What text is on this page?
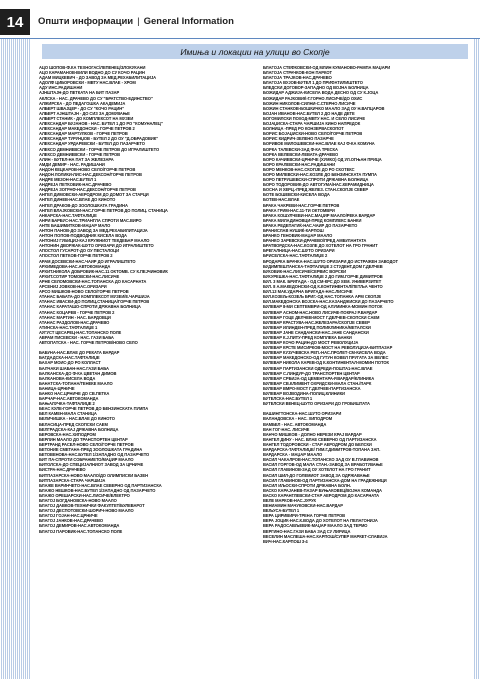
14	Општи информации | General Information
Имиња и локации на улици во Скопје
АЦО ШОПОВ-Ф.КА ТЕХНОГАС/ЛЕПЕНЕЦ/ЗЛОКУКАНИ
АЦО КАРАМАНОВ-ВИЛИ ВОДНО ДО СУ КОЧО РАЦИН
АДАМ МИЦКЕВИЧ - ДО ЗАВОД ЗА МЕД.РЕХАБИЛИТАЦИЈА
АДОЛФ ЦИБОРОВСКИ - МВТУ НАС.ВЛАЕ - ХРОМ
АДУ ИНС.РАДИШАНИ
АЈНШТАЈН-ДО ПЕТКАТА НА БИТ ПАЗАР
АКЛСКА - НАС. ДРАЧЕВО ДО СУ "БРАТСТВО-ЕДИНСТВО"
АЛЖИРСКА - ДО ПЕДАГОШКА АКАДЕМИЈА
АЛБЕРТ ШВАЈЦЕР - ДО СУ "КОЧО РАЦИН"
АЛБЕРТ АЈНШТАЈН - ДО СИЗ ЗА ДОМУВАЊЕ
АЛБЕРТ СТАНИК - ДО КОМПЛЕКСОТ НА МУЗЕИ
АЛЕКСАНДАР БУЈАНОВ - НАС. БУТЕЛ 1 ДО РО "КОМУНАЛЕЦ"
АЛЕКСАНДАР МАКЕДОНСКИ - ГОРЧЕ ПЕТРОВ 2
АЛЕКСАНДАР МАРТУЛКОВ - ГОРЧЕ ПЕТРОВ
АЛЕКСАНДАР ТУРУНЏОВ - БУТЕЛ 2 ДО ОУ "Д.ОБРАДОВИК"
АЛЕКСАНДАР УРДАРЕВСКИ - БУТЕЛ ДО ПАЗАРЧЕТО
АЛЕКСО ДЕМНИЕВСКИ - ГОРЧЕ ПЕТРОВ ДО ИГРАЛИШТЕТО
АЛЕКСО ДЕМНИЕВСКИ - ГОРЧЕ ПЕТРОВ
АЛИН - БУТЕЛ-НА ПАТ ЗА ЖЕЛЕЗАРА
АМДИ ДЕМИР - НАС. РАДИШАНИ
АНДОН КЕЦКАРОВ-НОВО СЕЛО/ГОРЧЕ ПЕТРОВ
АНДОН ЛОЛИКИ-ЛИС-НАС.ДЕКСОН/ГОРЧЕ ПЕТРОВ
АНДРЕ МЕЗОН-НАС.БУТЕЛ 1
АНДРЕЈА ПЕТКОВИК-НАС.ДРАЧЕВО
АНДРЕЈА ЗОГРАФ-НАС.ДЕКСОН/ГОРЧЕ ПЕТРОВ
АНГЕЛ ДИМОВСКИ-АЕРОДРОМ ДО ДОМОТ ЗА СТАРЦИ
АНГЕЛ ДИНЕВ-НАС.ВЛАЕ ДО КИНОТО
АНГЕЛ ДРАКОВ-ДО ЗООЛОШКАТА ГРАДИНА
АНГЕЛ ВЛАЈКОВСКИ-НАС.ГОРЧЕ ПЕТРОВ ДО ПОЛИЦ. СТАНИЦА
АНКАРСКА-НАС.ТАФТАЛИЏЕ
АНРИ БАРБУС-НАС.ТРИАНГЛА СПРОТИ МАС.ВИРО
АНТЕ БАШИМИТКОВ-МАЏАР МАЛО
АНТОН ПАНОВ-ДО ЗАВОД ЗА МЕД.РЕХАБИЛИТАЦИЈА
АНТОН ПОПОВ-ПОДВОДНИК КИСЕЛА ВОДА
АНТОНИЈ ГУБИЦИЈ-КАЈ КРУЖНИОТ ТЕКДЕБАР МААЛО
АНТОНИН ДВОРЖАК-ШУТО ОРИЗАРИ ДО ИГРАЛИШТЕТО
АПОСТОЛ ГУСАРОТ-ДО ОУ ПЕСТАЛОЦИ
АПОСТОЛ ПЕТКОВ-ГОРЧЕ ПЕТРОВ 2
АРАМ ДОСЕВСКИ-НАС.ЧАИР ДО ИГРАЛИШТЕТО
АРХИМЕДОВА-НАС.АВТОКОМАНДА
АРХИТ.НИКОЛА ДОБРОВИК-НАС.11 ОКТОМВ. СУ К.ПЕЈЧИНОВИК
АРХИТ.СОТИР ТОМОВСКИ-НАС.ЛИСИЧЕ
АРНЕ СЕЛОМОВСКИ-НАС.ТОПАНСКА ДО КАСАРНАТА
АРСЕНИЈ ЈОВКОВ-НАС.ОРИЗАРИ
АРСО МИШКОВ-НОВО СЕЛО/ГОРЧЕ ПЕТРОВ
АТАНАС БАБАТА-ДО КОМПЛЕКСОТ МУЗЕИ/Е.ЧАРШИЈА
АТАНАС ИВАСКИ-ДО ПОЛИЦ.СТАНИЦА/ГОРЧЕ ПЕТРОВ
АТАНАС КАРАТАШО-СПРОТИ ДРЖАВНА БОЛНИЦА
АТАНАС КОЦАРЕВ - ГОРЧЕ ПЕТРОВ 2
АТАНАС МАРТИН - НАС. БАРДОВЦИ
АТАНАС РАЗДОЛОВ-НАС.ДРАЧЕВО
АТИНСКА-НАС.ТАФТАЛИЏЕ 1
АУГУСТ ЦЕСАРЕЦ-НАС.ТОПАНСКО ПОЛЕ
АВРАМ ПИСЕВСКИ - НАС. ГАЗИ БАБА
АВТОПАТСКА - НАС. ГОРЧЕ ПЕТРОВ/НОВО СЕЛО
БАБУНА-НАС.ВЛАЕ ДО РЕКАТА ВАРДАР
БАГДАДСКА-НАС.ТАФТАЛИЏЕ
БАХАР МОИС-ДО РО КОЛЛАСТ
БАЛЧАКИ ШАБАН-НАС.ГАЗИ БАБА
БАЛКАНСКА-ДО Ф-КА ЦВЕТАН ДИМОВ
БАЛКАНОВА-КИСЕЛА ВОДА
БАНАТСКА-ТОПАНА/ТЕНЕКЕ МААЛО
БАНИЦА-ЦРНИЧЕ
БАНКО НАС.ЦРНИЧЕ ДО СВ.ПЕТКА
БАРЧАР-НАС.АВТОКОМАНДА
БАЊАЛУЧКА-ТАФТАЛИЏЕ 2
БЕАС КУЛЕ-ГОРЧЕ ПЕТРОВ ДО БЕНЗИНСКАТА ПУМПА
БЕЛ КАМЕН-МАЛА СТАНИЦА
БЕЛИЧИШКА - НАС.ВЛАЕ ДО КИНОТО
БЕЛАСИЦА-ПРЕД СКОПСКИ САЕМ
БЕЛГРАДСКА-КАЈ ДРЖАВНА БОЛНИЦА
БЕРОВСКА-НАС.ХИПОДРОМ
БЕРЛИН МААЛО ДО ТРАНСПОРТЕН ЦЕНТАР
БЕРТРАНД РАСЕЛ-НОВО СЕЛО/ГОРЧЕ ПЕТРОВ
БЕТОНИЕ СМЕТАНА-ПРЕД ЗООЛОШКАТА ГРАДИНА
БЕТОВЕНОВА-НАС.БУТЕЛ 1/ЗАПАДНО ОД ПАЗАРЧЕТО
БИТ ПА-СПРОТИ СОБРАНИЕТО/МАЏИР МААЛО
БИТОЛСКА-ДО СПЕЦИЈАЛНИОТ ЗАВОД ЗА ЦРНИЧЕ
БИСТРА-НАС.ДРАЧЕВО
БИТПАЗАРСКА-НОВО МААЛО/ДО ОЛИМПИСКИ БАЗЕН
БИТПАЗАРСКА-СТАРА ЧАРШИЈА
БЛАЖЕ ВАРИНЧЕТО-НАС.ВЛАЕ СЕВЕРНО ОД ПАРТИЗАНСКА
БЛАЖО НЕШКОВ-НАС.БУТЕЛ 1/ЗАПАДНО ОД ПАЗАРЧЕТО
БЛАЖО ОРЕШАРСКИ-НАС.ЛИСИЧЕ/ЕЛЕКТРО
БЛАГОЈ БОГДАНОВСКА-НОВО МААЛО
БЛАГОЈ ДАВКОВ-ТЕХНИЧКИ ФАКУЛТЕТ/БУЛЕВАРОТ
БЛАГОЈ ДЕСПОТОВСКИ-ШОРИЧ-НОВО МААЛО
БЛАГОЈ ГОЈАН-НАС.ЦРНИЧЕ
БЛАГОЈ ЈАНКОВ-НАС.ДРАЧЕВО
БЛАГОЈ ДЕМИРОВ-НАС.АВТОКОМАНДА
БЛАГОЈ ПАРОВИК-НАС.ТОПАНСКО ПОЛЕ
БЛАГОЈА СТЕФКОВСКИ-ОД МЛИН КУМАНОВО-РАМПА МАЏАРИ
БЛАГОЈА СТРАЧКОВ-КОН ПАРКОТ
БЛАГОЈА ТРАЈКОВ-НАС.ДРАЧЕВО
БЛАГОЈА ВУЈОВ-БУТЕЛ 1 ДО ПРИФАТИЛИШТЕТО
БЛЕДСКИ ДОГОВОР-ЗАПАДНО ОД ВОЈНА БОЛНИЦА
БОЖИДАР АДЖИЈА-КИСЕЛА ВОДА ДЕСНО ОД СУ К.ЈОЦА
БОЖИДАР РАЈКОВИЌ-Г.ГОРНО ЛИСИЧЕ/ДО ОХИС
БОЖИН НИКОЛОВ-СИЛНИ-С.СТЕРНО ЛИСИЧЕ
БОЖИН СТАНКОВ-БОШКИЧКО МААЛО ЗАД ОУ Н.ВАПЦАРОВ
БОЈАН ИВАНОВ-НАС.БУТЕЛ 2 ДО НАДЕ ДЕТЕ
БОГОМИЛСКИ ПОХОД-МВТУ НАС. И СЕЛО ЛИСИЧЕ
БОЈАЏИСКА-СТАРА ЧАРШИЈА КИНО НАПРЕДОК
БОЛНИЦА -ПРЕД РО КОНЗЕРВАСКОПОТ
БОРИС БОЈАЏИСКИ-НОВО СЕЛО/ГОРЧЕ ПЕТРОВ
БОРИС КИДРИЧ-ЗЕЛЕНО ПАЗАРЧЕ
БОРИВОЕ МИЛОШЕВСКИ-НАС.ВЛАЕ КАЈ Ф-КА КОМУНА
БОРКА ТАЛЕВСКИ-ЗАД Ф-КА ТРЕСКА
БОРКА ВЕЛЕВСКИ-ЛЕВАТА-ДРАЧЕВО
БОРО КАЧИЕВСКИ-ЦРНИЧЕ (ХУМКО) ОД УЛ.ОГЊАН ПРИЦА
БОРО КРАЛЕВСКИ-НАС.РАДИШАНИ
БОРО МЕНКОВ-НАС.СКОПЈЕ ДО РО СКОТЕКС
БОРО МИЛЕВСКИ-НАС.КОЗЛЕ ДО БЕНЗИНСКАТА ПУМПА
БОРО ПЕТРУШЕВСКИ-СПРОТИ ДРЖАВНА БОЛНИЦА
БОРО ТОДОРОВИК-ДО АВТОГУМА/НАС.КЕРАМИДНИЦА
БОСНА И ХЕРЦ.-ПРЕД ЖЕЛЕЗ. СТАН.СКОПЈЕ СЕВЕР
БОТЕ БОШЕВСКИ-КИСЕЛА ВОДА
БОТЕВ-НАС.ВЛАЕ
БРАКА ЧАКРЕВИ-НАС.ГОРЧЕ ПЕТРОВ
БРАКА ГРИМ-НАС.11-ТИ ОКТОМВРИ
БРАКА КОШУЛЧЕВИ-НАС.МАЏИР МААЛО/РЕКА ВАРДАР
БРАКА МИЛАДИНОВЦИ-ПРЕД КОМПЛЕКС БАНКИ
БРАКА РЕДЕПАГИЌ-НАС.ЧАИР ДО ПАЗАРЧЕТО
БРАНИСЛАВ НУШИЌ-КАРПОШ
БРАНКО ГЕНОВИК-МАЏАР МААЛО
БРАНКО ЗАРЕВСКИ-ДРАЧЕВО/ПРЕД АМБУЛАНТАТА
БРАТВОРДСКА-НАС.КОЗЛЕ ДО ХОТЕЛОТ НА ГРО ГРАНИТ
БРЕГАЛНИЦА-НАС.ШУТО ОРИЗАРИ
БРИСЕЛСКА-НАС.ТАФТАЛИЏЕ 2
БРОДАРКА БРАЧКА-НАС.ШУТО ОРИЗАРИ ДО ИСТРАЖЕН ЗАВОДОТ
БУДИМПЕШТАНСКА-ТАФТАЛИЏЕ 2 СТУДЕНТ.ДОМ Г.ДЕЛЧЕВ
БУКОВИК-НАС.ЛИСИЧЕ/СЕРВИС ВОРСКИ
БУКУРЕШКА-НАС.ТАФТАЛИЏЕ 2 ДО ГИМ.ГОРЧЕ ДИМИТРОВ
БУЛ. 3 МАК. БРИГАДА - ОД СМ-КРС ДО ХЕМ. УНИВЕРЗИТЕТ
БУЛ. 8 А.МАКЕДОНСКИ-ОД К.КОНТИНЕНТАЛ/ПЕТЉА ЧЕНТО
БУЛ.13 МАК.УДАРНА БРИГАДА-НАС.ЛИСИЧЕ
БУЛ.КОЗЕЉ-КОЗЕЉ БРИГ.-ОД НАС.ТОПАНКА АРМ СКОПЈЕ
БУЛ.МАКЕДОНСКА ВОЈСКА-НАС.КАЗАНДЖИСКИ ДО ПАЗАРЧЕТО
БУЛЕВАР 8-МИ СЕПТЕМВРИ-ОД АЛУМИНКА-МОМИН ПОТОК
БУЛЕВАР АСНОМ-НАС.НОВО ЛИСИЧЕ-ПОКРАЈ Р.ВАРДАР
БУЛЕВАР ГОЦЕ ДЕЛЧЕВ-МОСТ Г.ДЕЛЧЕВ-СКОПСКИ САЕМ
БУЛЕВАР КРАСТУВА-НАС.ЖЕЛЕЗАРА/СКОПЈЕ СЕВЕР
БУЛЕВАР ИЛИНДЕН-ПРЕД ПОЛИКЛИНИКА/МЕТАЛСКИ
БУЛЕВАР ЈАНЕ САНДАНСКИ-НАС.ЈАНЕ САНДАНСКИ
БУЛЕВАР К.Ј.ПИТУ-ПРЕД КОМПЛЕКА БАНКИ
БУЛЕВАР КОЧО РАЦИН-ДО МОСТ РЕВОЛУЦИЈА
БУЛЕВАР КРСТЕ МИСИРКОВ-МОСТ НА РЕВОЛУЦИЈА-БИТПАЗАР
БУЛЕВАР КУЗУЧЕВСКА РЕП.-НАС.ПРОЛЕТ-СМ-КИСЕЛА ВОДА
БУЛЕВАР МАКЕДОНСКО-ОД ГУТУН КОВЕЛ ПРУГАТА ЗА ВЕЛЕС
БУЛЕВАР НИКОЛА КАРЕВ-ОД К.КОНТИНЕНТАЛ-МОМИН ПОТОК
БУЛЕВАР ПАРТИЗАНСКИ ОДРЕДИ-ПОШТА1-НАС.ВЛАЕ
БУЛЕВАР С.ЛИНДУР-ДО ТРАНСПОРТЕН ЦЕНТАР
БУЛЕВАР СРБИЈА-ОД ЦЕМЕНТАРА-Р.ВАРДАР/КЛИНИКА
БУЛЕВАР СВ.КЛИМЕНТ ОХРИДСКИ-МАЛА СТАН./ПАРК
БУЛЕВАР ВМРО-МОСТ Г.ДЕЛЧЕВ-ПАРТИЗАНСКА
БУЛЕВАР ВОЈВОДИНА-ПОЛИЦ.КЛИНИКИ
БУТЕЛСКА-НАС.БУТЕЛ 1
БУТЕЛСКИ ВЕНЕЦ-ШУТО ОРИЗАРИ ДО ГРОБИШТАТА
ВАШИНГТОНСКА-НАС.ШУТО ОРИЗАРИ
ВАЛАНДОВСКА - НАС. ХИПОДРОМ
ВАМБЕЛ - НАС. АВТОКОМАНДА
ВАН ГОГ-НАС. ЛИСИЧЕ
ВАНЧО МИШКОВ - ДОЛНО НЕРЕЗИ КРАЈ ВАРДАР
ВАНГЕЛ ДИНУ - НАС. ВЛАЕ СЕВЕРНО ОД ПАРТИЗАНСКА
ВАНГЕЛ ТОДОРОВСКИ - СТАР АЕРОДРОМ ДО БЕЛСКИ
ВАРДАРСКА-ТАФТАЛИЏЕ/ ГИМ.Г.ДИМИТРОВ-ТОПАНА ЗАП.
ВАРДАРСКА - МАЏАР МААЛО
ВАСИЛ ЧАКАЛРОВ-НАС.ТОПАНСКО ЗАД ОУ В.ГЛАВИНОВ
ВАСИЛ ГОРГОВ-ОД МАЛА СТАН.-ЗАВОД ЗА ВРАБОТУВАЊЕ
ВАСИЛ ГЛАВИНОВ-ЗАД ОУ ХОТЕЛОТ НА ГРО ГРАНИТ
ВАСИЛ ШИЛ-ДО ГОЛЕМИОТ ЗАВОД ЗА ОДРЖАВАЊЕ
ВАСИЛ ГЛАВИНОВ-ОД ПАРТИЗАНСКА-ДОМ НА ГРАДЕЖНИЦИ
ВАСИЛ ИЉОСКИ-СПРОТИ ДРЖАВНА БОЛН.
ВАСКО КАРАЈАНЕВ-ПАЗАР БУЊАКОВЕЦ/ВОЈНА КОМАНДА
ВАСКО КАРАНГЛЕВСКИ-СТАР АЕРОДРОМ ДО КАСАРНАТА
ВЕЛЕ МАРКОВ-НАС.ЈУРУК
ВЕНИАМИН МАЧУКОВСКИ-НАС.ВАРДАР
ВЕЉУСА-БУТЕЛ 1
ВЕРА ЦИРИВИРИ-ТРЕНА ГОРЧЕ ПЕТРОВ
ВЕРА ЈОЦИК-НАС.К.ВОДА ДО ХОТЕЛОТ НА ПЕЛАГОНИЈА
ВЕРА РАДОСАВЉЕВИК-МАЏАР МААЛО ЗАД ТЕРМО
ВЕРГИНО-НАС.ГАЗИ БАБА ЗАД СУ ЛИРИЦА
ВЕСЕЛИН МАСЛЕША-НАС.КАРПОШ/СУПЕР МАРКЕТ-СЛАВИЈА
ВИЧ-НАС.КАРПОШ 3-4
